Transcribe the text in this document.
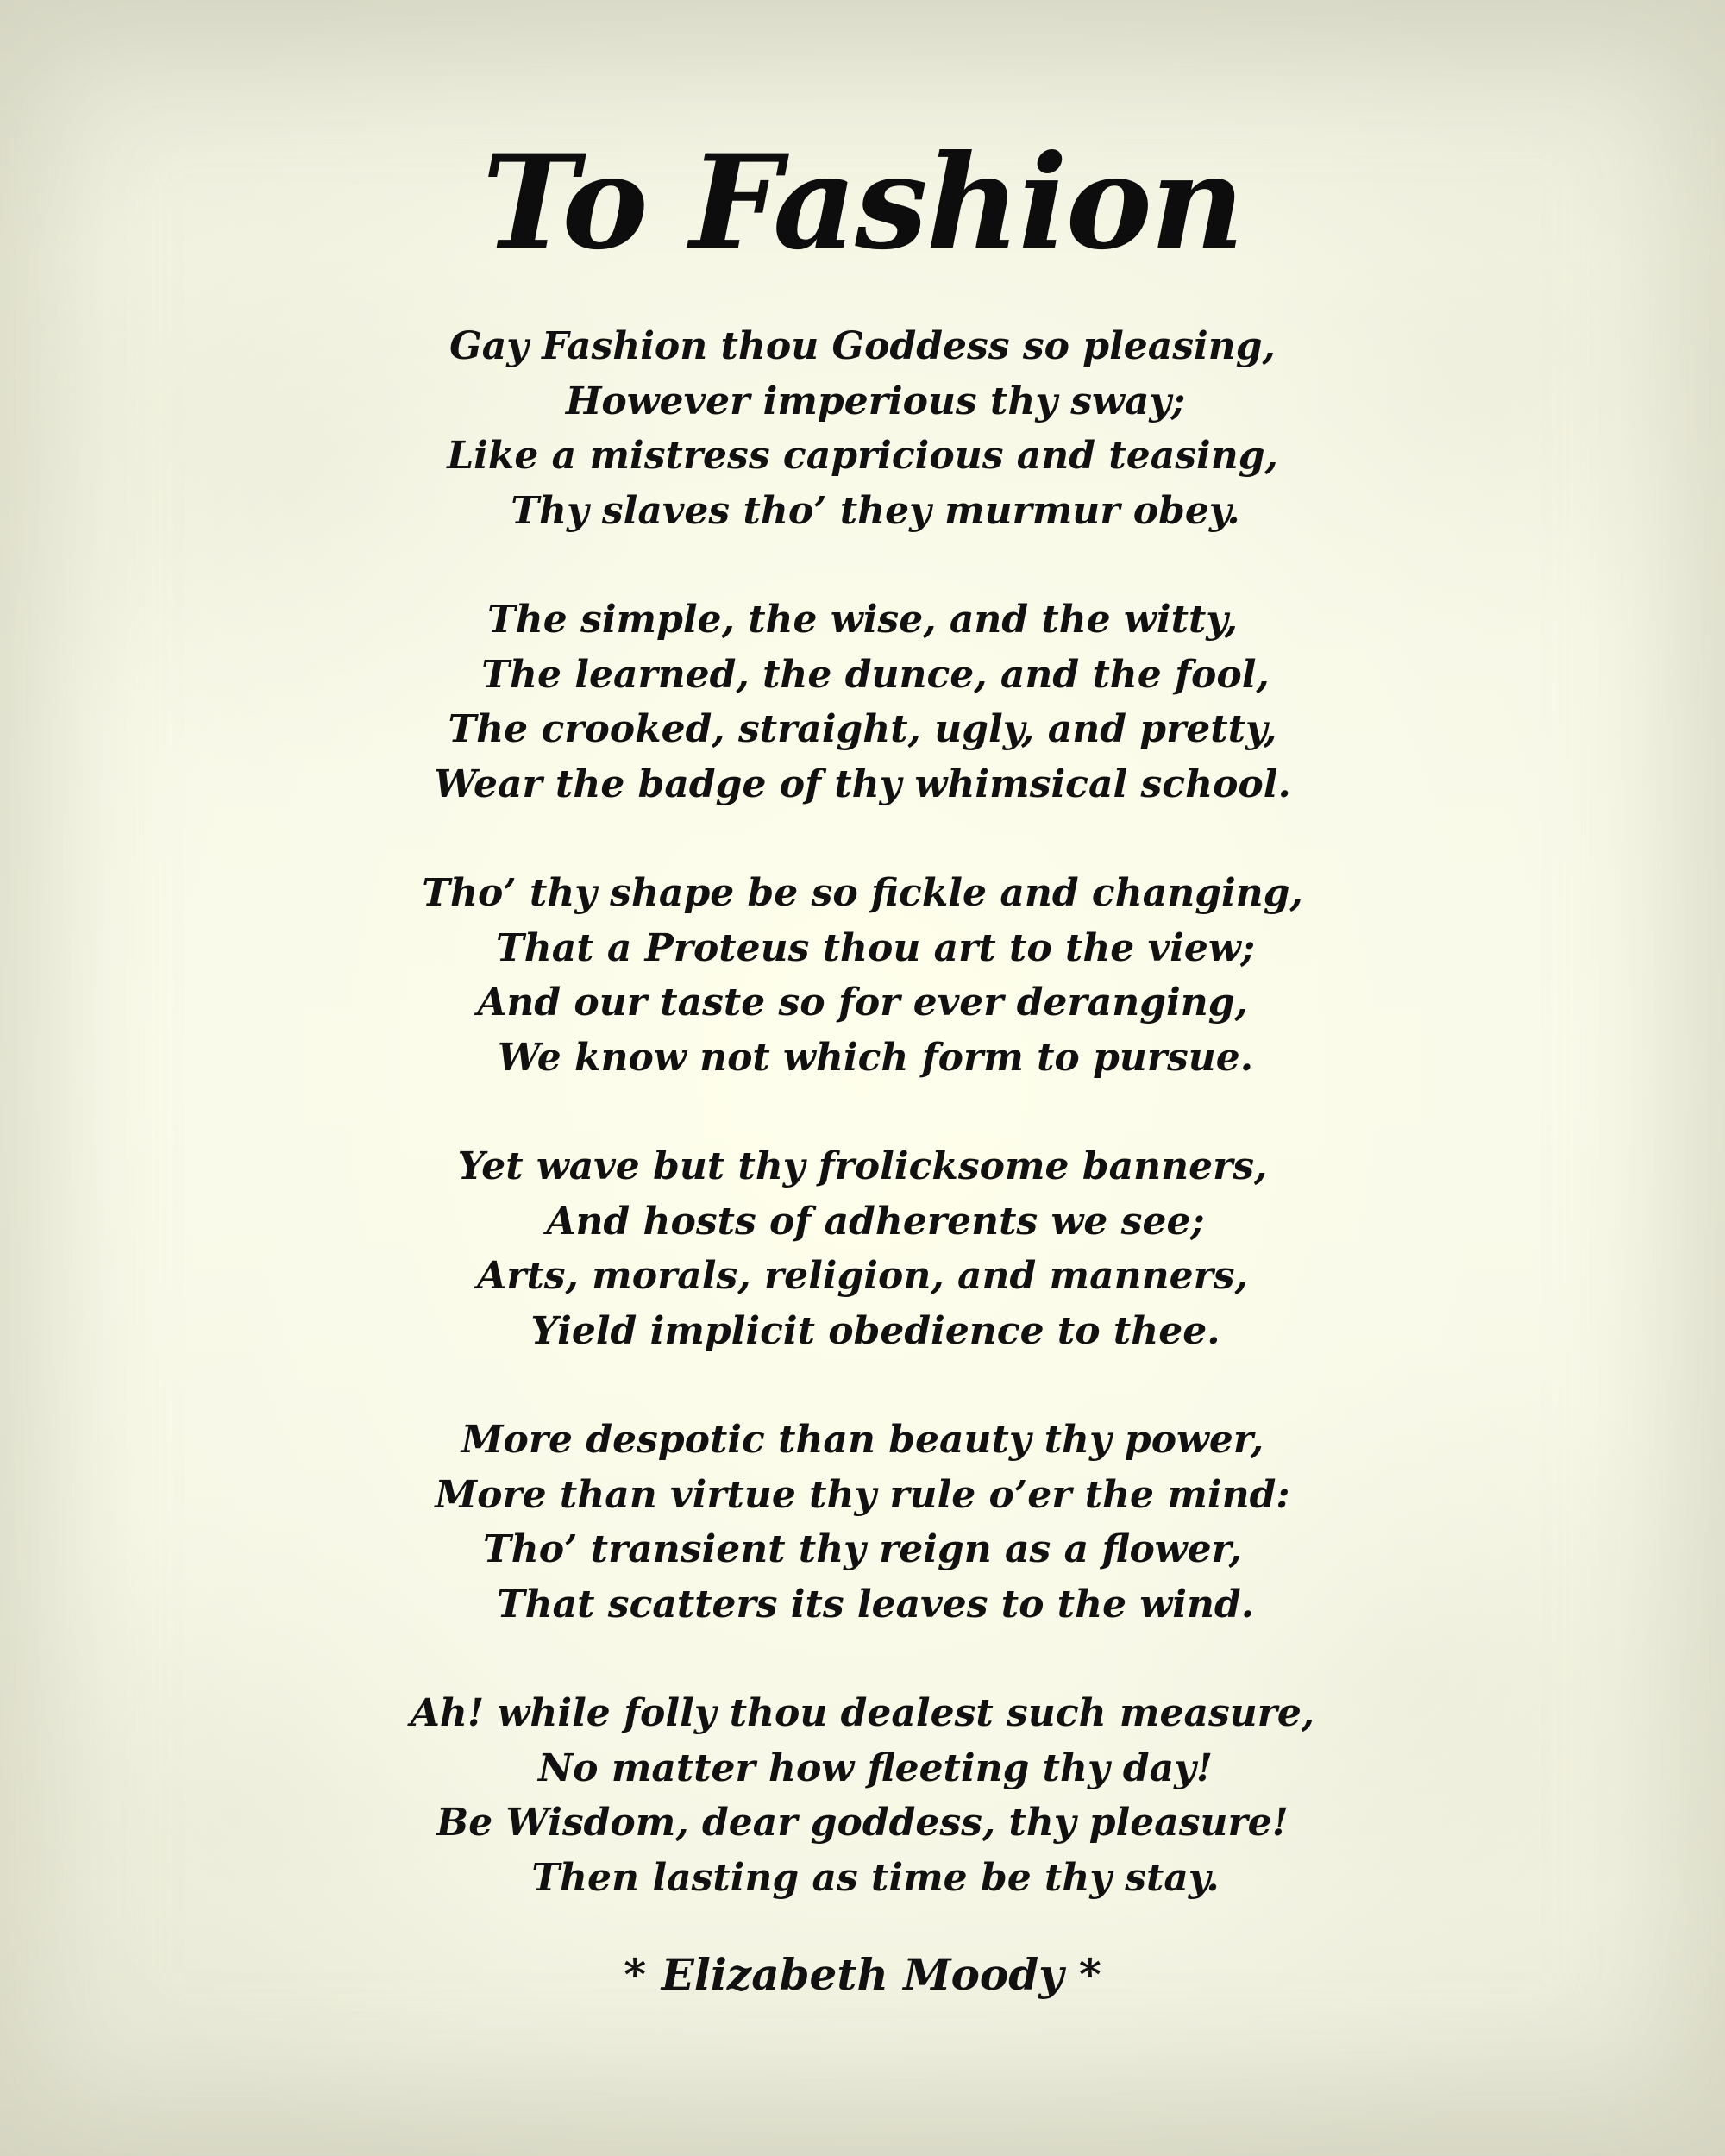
To Fashion
Gay Fashion thou Goddess so pleasing,
However imperious thy sway;
Like a mistress capricious and teasing,
Thy slaves tho’ they murmur obey.
The simple, the wise, and the witty,
The learned, the dunce, and the fool,
The crooked, straight, ugly, and pretty,
Wear the badge of thy whimsical school.
Tho’ thy shape be so fickle and changing,
That a Proteus thou art to the view;
And our taste so for ever deranging,
We know not which form to pursue.
Yet wave but thy frolicksome banners,
And hosts of adherents we see;
Arts, morals, religion, and manners,
Yield implicit obedience to thee.
More despotic than beauty thy power,
More than virtue thy rule o’er the mind:
Tho’ transient thy reign as a flower,
That scatters its leaves to the wind.
Ah! while folly thou dealest such measure,
No matter how fleeting thy day!
Be Wisdom, dear goddess, thy pleasure!
Then lasting as time be thy stay.
* Elizabeth Moody *
